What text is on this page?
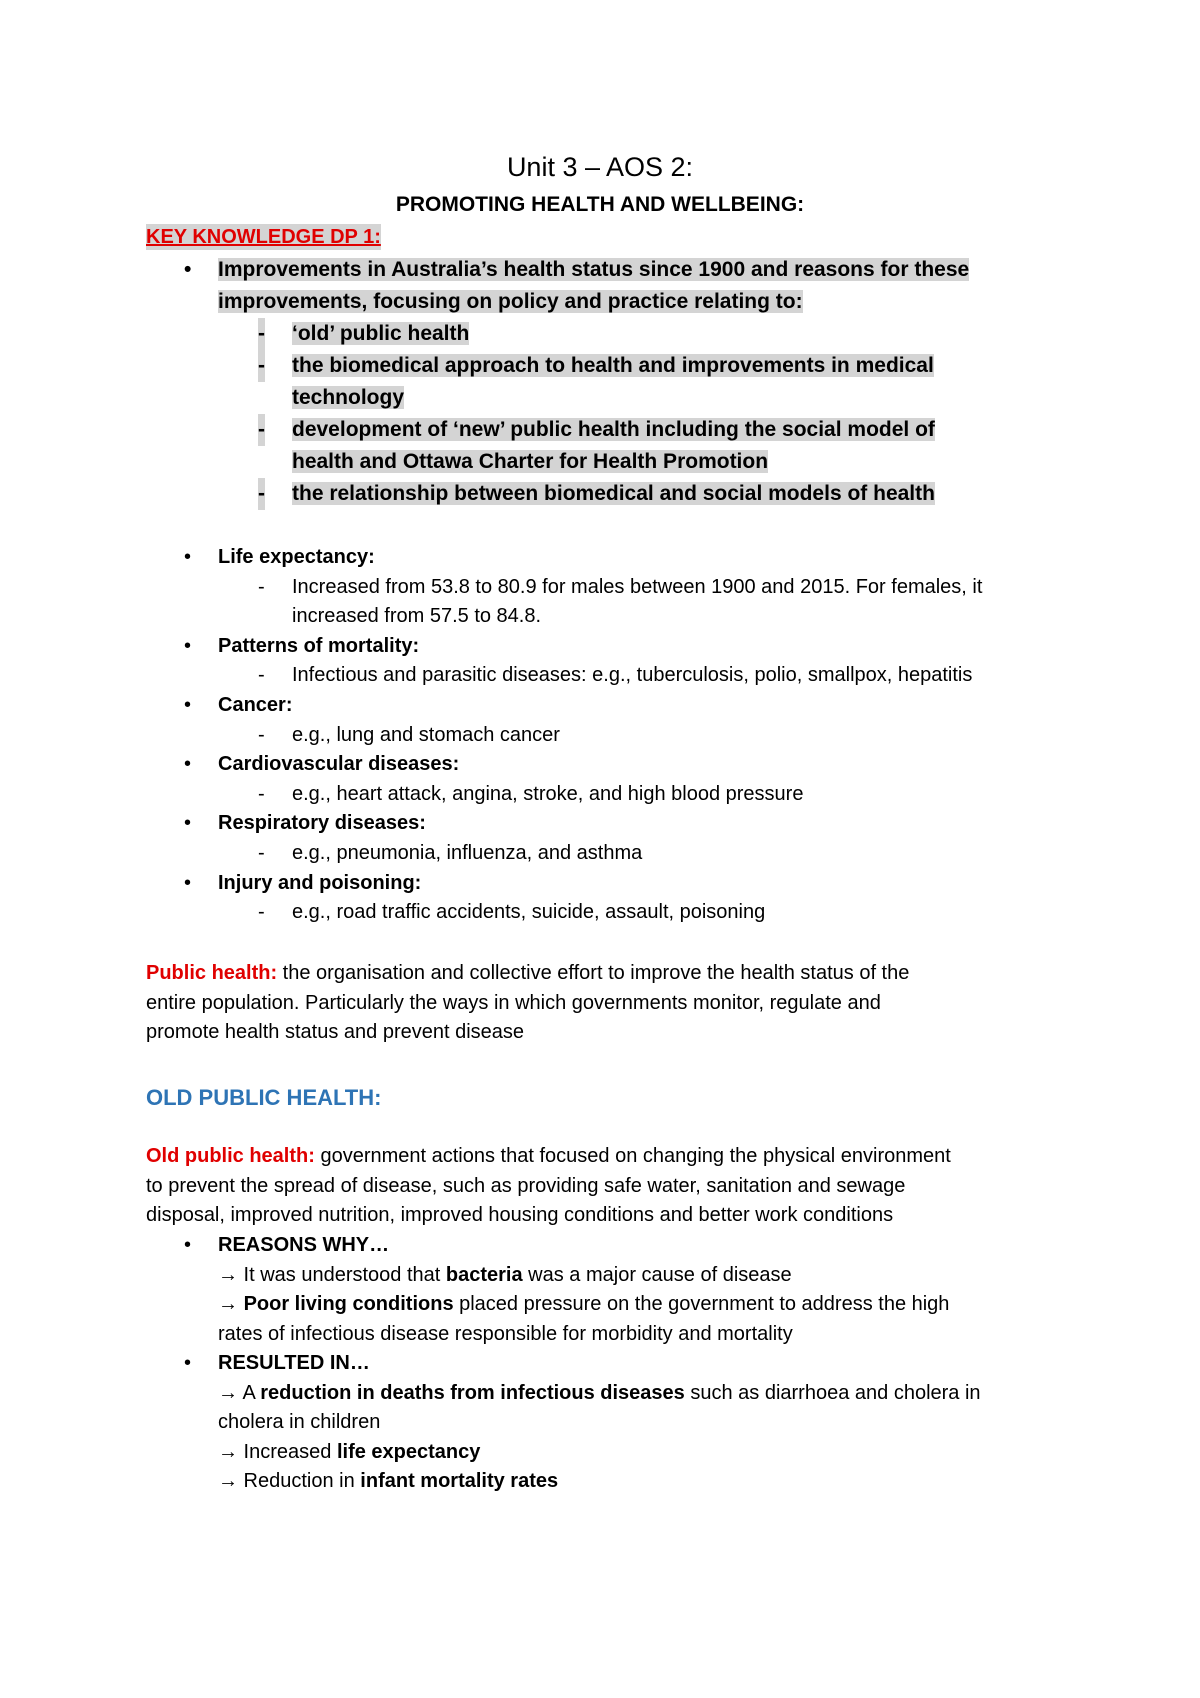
Unit 3 – AOS 2:
PROMOTING HEALTH AND WELLBEING:
KEY KNOWLEDGE DP 1:
• Improvements in Australia’s health status since 1900 and reasons for these
improvements, focusing on policy and practice relating to:
- ‘old’ public health
- the biomedical approach to health and improvements in medical
technology
- development of ‘new’ public health including the social model of
health and Ottawa Charter for Health Promotion
- the relationship between biomedical and social models of health
• Life expectancy:
- Increased from 53.8 to 80.9 for males between 1900 and 2015. For females, it
increased from 57.5 to 84.8.
• Patterns of mortality:
- Infectious and parasitic diseases: e.g., tuberculosis, polio, smallpox, hepatitis
• Cancer:
- e.g., lung and stomach cancer
• Cardiovascular diseases:
- e.g., heart attack, angina, stroke, and high blood pressure
• Respiratory diseases:
- e.g., pneumonia, influenza, and asthma
• Injury and poisoning:
- e.g., road traffic accidents, suicide, assault, poisoning
Public health: the organisation and collective effort to improve the health status of the
entire population. Particularly the ways in which governments monitor, regulate and
promote health status and prevent disease
OLD PUBLIC HEALTH:
Old public health: government actions that focused on changing the physical environment
to prevent the spread of disease, such as providing safe water, sanitation and sewage
disposal, improved nutrition, improved housing conditions and better work conditions
• REASONS WHY…
→ It was understood that bacteria was a major cause of disease
→ Poor living conditions placed pressure on the government to address the high
rates of infectious disease responsible for morbidity and mortality
• RESULTED IN…
→ A reduction in deaths from infectious diseases such as diarrhoea and cholera in
cholera in children
→ Increased life expectancy
→ Reduction in infant mortality rates
